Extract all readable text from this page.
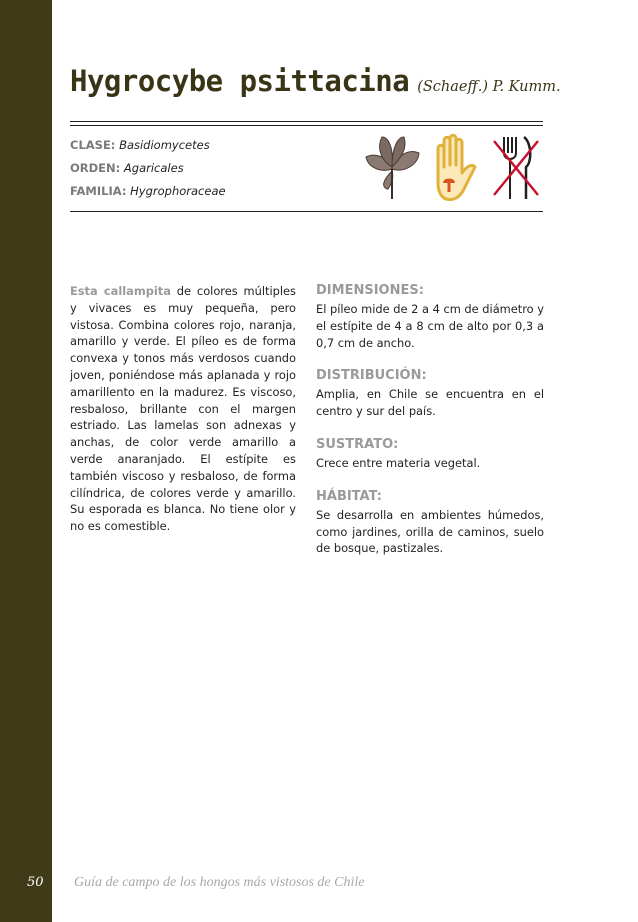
Hygrocybe psittacina (Schaeff.) P. Kumm.
CLASE: Basidiomycetes
ORDEN: Agaricales
FAMILIA: Hygrophoraceae
Esta callampita de colores múltiples y vivaces es muy pequeña, pero vistosa. Combina colores rojo, naranja, amarillo y verde. El píleo es de forma convexa y tonos más verdosos cuando joven, poniéndose más aplanada y rojo amarillento en la madurez. Es viscoso, resbaloso, brillante con el margen estriado. Las lamelas son adnexas y anchas, de color verde amarillo a verde anaranjado. El estípite es también viscoso y resbaloso, de forma cilíndrica, de colores verde y amarillo. Su esporada es blanca. No tiene olor y no es comestible.

DIMENSIONES:

El píleo mide de 2 a 4 cm de diámetro y el estípite de 4 a 8 cm de alto por 0,3 a 0,7 cm de ancho.

DISTRIBUCIÓN:

Amplia, en Chile se encuentra en el centro y sur del país.

SUSTRATO:

Crece entre materia vegetal.

HÁBITAT:

Se desarrolla en ambientes húmedos, como jardines, orilla de caminos, suelo de bosque, pastizales.

50 Guía de campo de los hongos más vistosos de Chile
